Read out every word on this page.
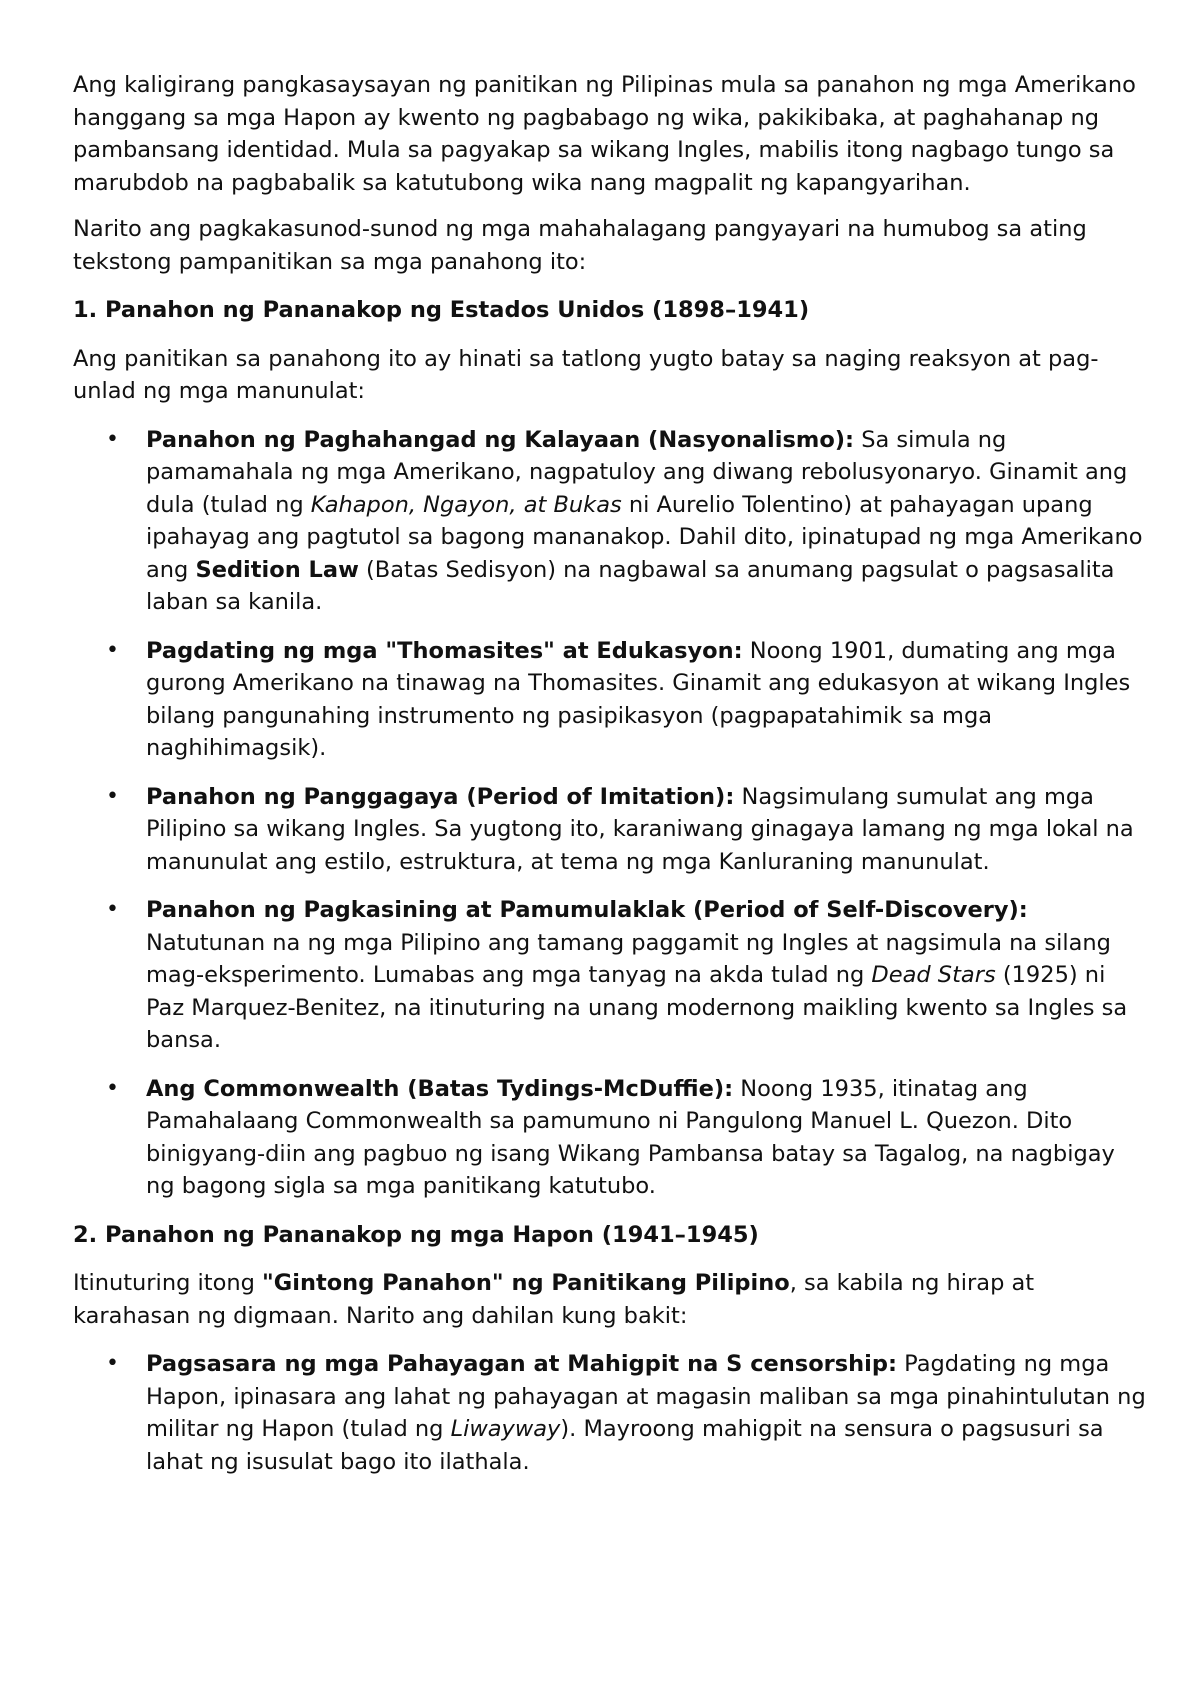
Ang kaligirang pangkasaysayan ng panitikan ng Pilipinas mula sa panahon ng mga Amerikano hanggang sa mga Hapon ay kwento ng pagbabago ng wika, pakikibaka, at paghahanap ng pambansang identidad. Mula sa pagyakap sa wikang Ingles, mabilis itong nagbago tungo sa marubdob na pagbabalik sa katutubong wika nang magpalit ng kapangyarihan.

Narito ang pagkakasunod-sunod ng mga mahahalagang pangyayari na humubog sa ating tekstong pampanitikan sa mga panahong ito:

1. Panahon ng Pananakop ng Estados Unidos (1898–1941)

Ang panitikan sa panahong ito ay hinati sa tatlong yugto batay sa naging reaksyon at pag-unlad ng mga manunulat:

• Panahon ng Paghahangad ng Kalayaan (Nasyonalismo): Sa simula ng pamamahala ng mga Amerikano, nagpatuloy ang diwang rebolusyonaryo. Ginamit ang dula (tulad ng Kahapon, Ngayon, at Bukas ni Aurelio Tolentino) at pahayagan upang ipahayag ang pagtutol sa bagong mananakop. Dahil dito, ipinatupad ng mga Amerikano ang Sedition Law (Batas Sedisyon) na nagbawal sa anumang pagsulat o pagsasalita laban sa kanila.
• Pagdating ng mga "Thomasites" at Edukasyon: Noong 1901, dumating ang mga gurong Amerikano na tinawag na Thomasites. Ginamit ang edukasyon at wikang Ingles bilang pangunahing instrumento ng pasipikasyon (pagpapatahimik sa mga naghihimagsik).
• Panahon ng Panggagaya (Period of Imitation): Nagsimulang sumulat ang mga Pilipino sa wikang Ingles. Sa yugtong ito, karaniwang ginagaya lamang ng mga lokal na manunulat ang estilo, estruktura, at tema ng mga Kanluraning manunulat.
• Panahon ng Pagkasining at Pamumulaklak (Period of Self-Discovery): Natutunan na ng mga Pilipino ang tamang paggamit ng Ingles at nagsimula na silang mag-eksperimento. Lumabas ang mga tanyag na akda tulad ng Dead Stars (1925) ni Paz Marquez-Benitez, na itinuturing na unang modernong maikling kwento sa Ingles sa bansa.
• Ang Commonwealth (Batas Tydings-McDuffie): Noong 1935, itinatag ang Pamahalaang Commonwealth sa pamumuno ni Pangulong Manuel L. Quezon. Dito binigyang-diin ang pagbuo ng isang Wikang Pambansa batay sa Tagalog, na nagbigay ng bagong sigla sa mga panitikang katutubo.

2. Panahon ng Pananakop ng mga Hapon (1941–1945)

Itinuturing itong "Gintong Panahon" ng Panitikang Pilipino, sa kabila ng hirap at karahasan ng digmaan. Narito ang dahilan kung bakit:

• Pagsasara ng mga Pahayagan at Mahigpit na S censorship: Pagdating ng mga Hapon, ipinasara ang lahat ng pahayagan at magasin maliban sa mga pinahintulutan ng militar ng Hapon (tulad ng Liwayway). Mayroong mahigpit na sensura o pagsusuri sa lahat ng isusulat bago ito ilathala.
